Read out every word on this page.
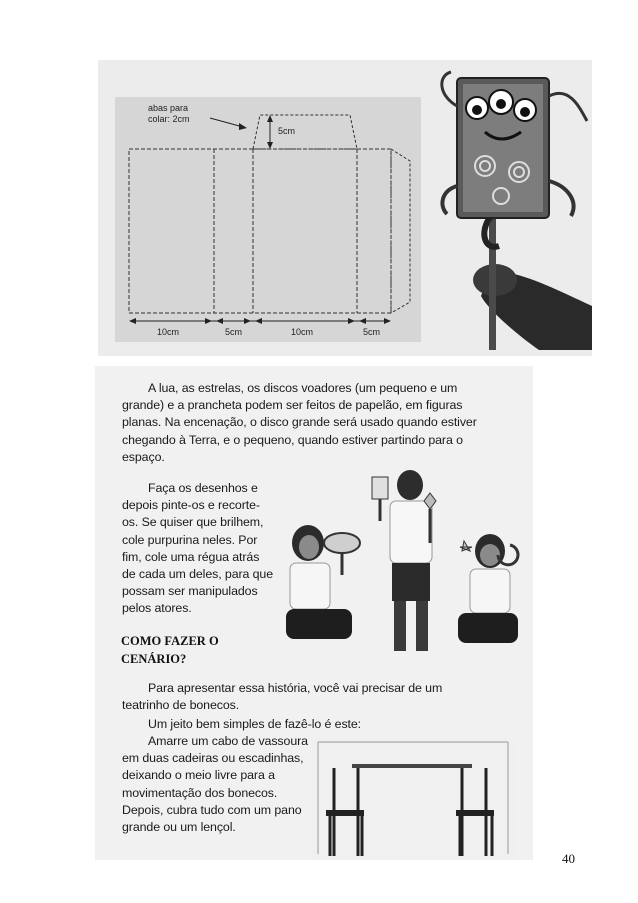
abas para
colar: 2cm
5cm
10cm	5cm	10cm	5cm

A lua, as estrelas, os discos voadores (um pequeno e um grande) e a prancheta podem ser feitos de papelão, em figuras planas. Na encenação, o disco grande será usado quando estiver chegando à Terra, e o pequeno, quando estiver partindo para o espaço.

Faça os desenhos e depois pinte-os e recorte-os. Se quiser que brilhem, cole purpurina neles. Por fim, cole uma régua atrás de cada um deles, para que possam ser manipulados pelos atores.

COMO FAZER O CENÁRIO?

Para apresentar essa história, você vai precisar de um teatrinho de bonecos.

Um jeito bem simples de fazê-lo é este:

Amarre um cabo de vassoura em duas cadeiras ou escadinhas, deixando o meio livre para a movimentação dos bonecos. Depois, cubra tudo com um pano grande ou um lençol.

40
